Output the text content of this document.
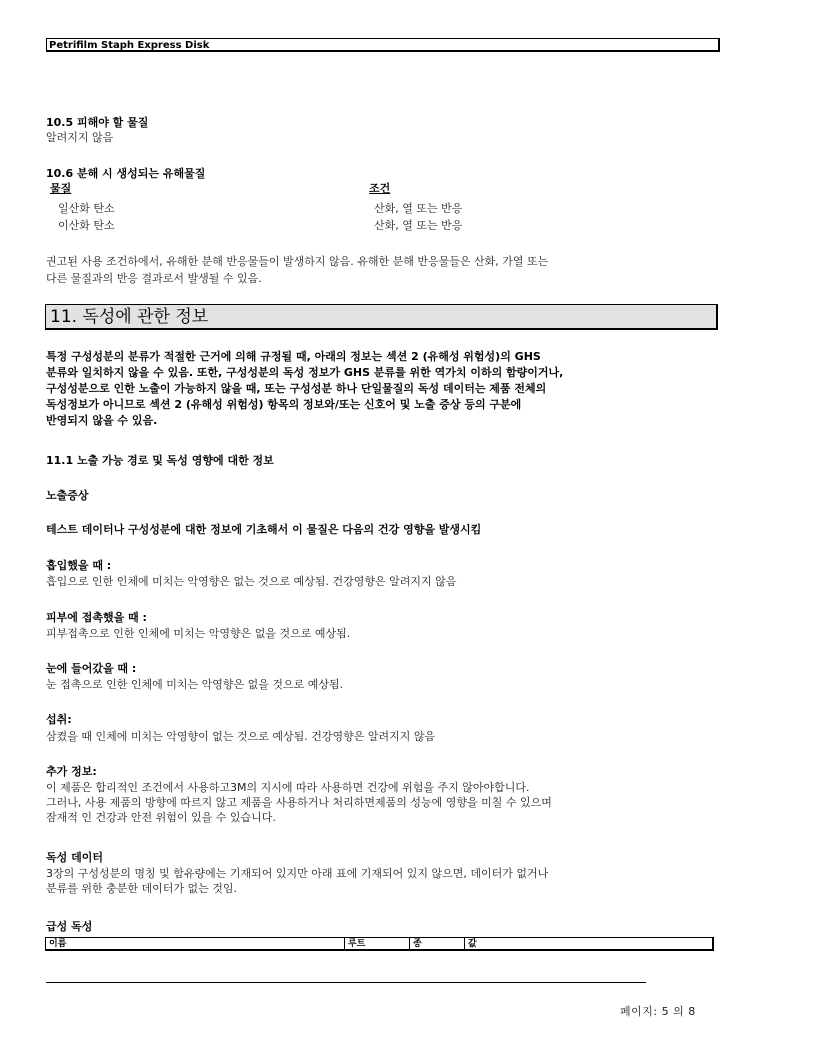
Petrifilm Staph Express Disk
10.5 피해야 할 물질
알려지지 않음
10.6 분해 시 생성되는 유해물질
물질	조건
일산화 탄소	산화, 열 또는 반응
이산화 탄소	산화, 열 또는 반응
권고된 사용 조건하에서, 유해한 분해 반응물들이 발생하지 않음. 유해한 분해 반응물들은 산화, 가열 또는
다른 물질과의 반응 결과로서 발생될 수 있음.
11. 독성에 관한 정보
특정 구성성분의 분류가 적절한 근거에 의해 규정될 때, 아래의 정보는 섹션 2 (유해성 위험성)의 GHS
분류와 일치하지 않을 수 있음. 또한, 구성성분의 독성 정보가 GHS 분류를 위한 역가치 이하의 함량이거나,
구성성분으로 인한 노출이 가능하지 않을 때, 또는 구성성분 하나 단일물질의 독성 데이터는 제품 전체의
독성정보가 아니므로 섹션 2 (유해성 위험성) 항목의 정보와/또는 신호어 및 노출 증상 등의 구분에
반영되지 않을 수 있음.
11.1 노출 가능 경로 및 독성 영향에 대한 정보
노출증상
테스트 데이터나 구성성분에 대한 정보에 기초해서 이 물질은 다음의 건강 영향을 발생시킴
흡입했을 때 :
흡입으로 인한 인체에 미치는 악영향은 없는 것으로 예상됨. 건강영향은 알려지지 않음
피부에 접촉했을 때 :
피부접촉으로 인한 인체에 미치는 악영향은 없을 것으로 예상됨.
눈에 들어갔을 때 :
눈 접촉으로 인한 인체에 미치는 악영향은 없을 것으로 예상됨.
섭취:
삼켰을 때 인체에 미치는 악영향이 없는 것으로 예상됨. 건강영향은 알려지지 않음
추가 정보:
이 제품은 합리적인 조건에서 사용하고3M의 지시에 따라 사용하면 건강에 위험을 주지 않아야합니다.
그러나, 사용 제품의 방향에 따르지 않고 제품을 사용하거나 처리하면제품의 성능에 영향을 미칠 수 있으며
잠재적 인 건강과 안전 위험이 있을 수 있습니다.
독성 데이터
3장의 구성성분의 명칭 및 함유량에는 기재되어 있지만 아래 표에 기재되어 있지 않으면, 데이터가 없거나
분류를 위한 충분한 데이터가 없는 것임.
급성 독성
이름	루트	종	값
페이지: 5 의 8
